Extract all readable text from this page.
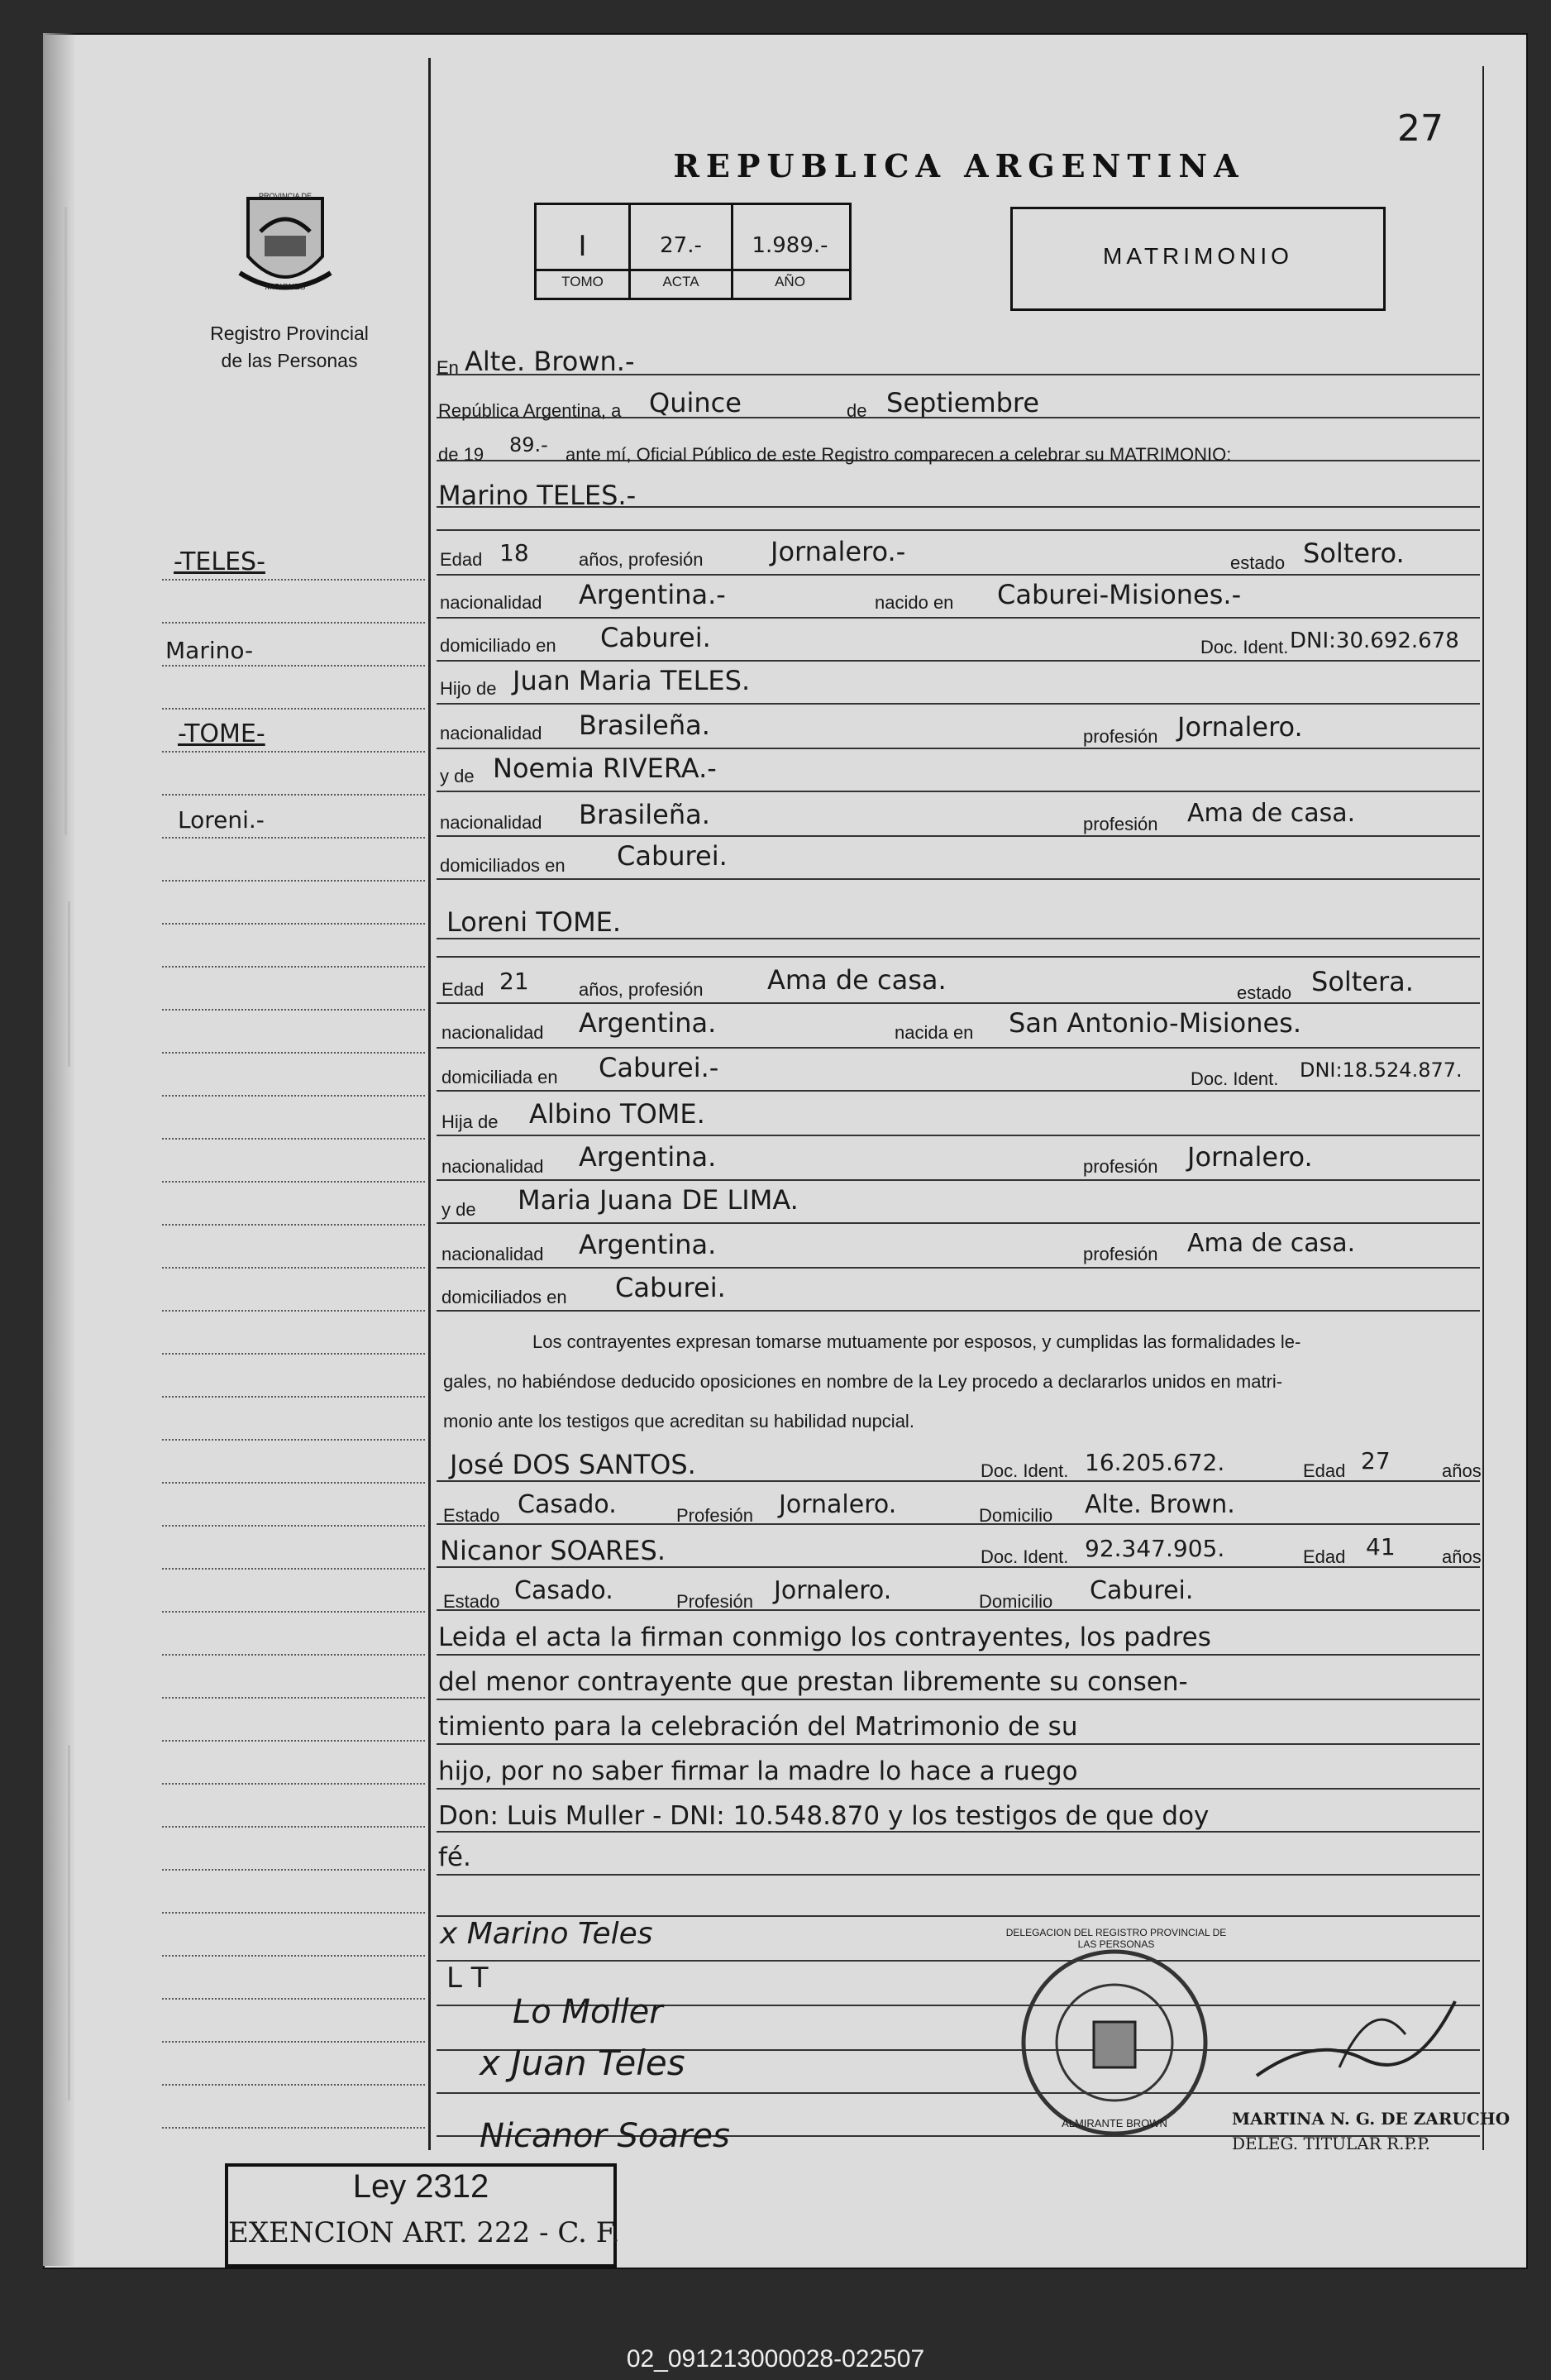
27
PROVINCIA DE
MISIONES
Registro Provincial
de las Personas
REPUBLICA ARGENTINA
I	27.-	1.989.-
TOMO	ACTA	AÑO
MATRIMONIO
-TELES-
Marino-
-TOME-
Loreni.-
En Alte. Brown.-
República Argentina, a Quince	de Septiembre
de 19 89.- ante mí, Oficial Público de este Registro comparecen a celebrar su MATRIMONIO:
Marino TELES.-
Edad 18	años, profesión	Jornalero.-	estado Soltero.
nacionalidad Argentina.-	nacido en Caburei-Misiones.-
domiciliado en Caburei.	Doc. Ident. DNI:30.692.678
Hijo de Juan Maria TELES.
nacionalidad Brasileña.	profesión Jornalero.
y de Noemia RIVERA.-
nacionalidad Brasileña.	profesión Ama de casa.
domiciliados en Caburei.
Loreni TOME.
Edad 21	años, profesión Ama de casa.	estado Soltera.
nacionalidad Argentina.	nacida en San Antonio-Misiones.
domiciliada en Caburei.-	Doc. Ident. DNI:18.524.877.
Hija de Albino TOME.
nacionalidad Argentina.	profesión Jornalero.
y de Maria Juana DE LIMA.
nacionalidad Argentina.	profesión Ama de casa.
domiciliados en Caburei.
Los contrayentes expresan tomarse mutuamente por esposos, y cumplidas las formalidades le-
gales, no habiéndose deducido oposiciones en nombre de la Ley procedo a declararlos unidos en matri-
monio ante los testigos que acreditan su habilidad nupcial.
José DOS SANTOS.	Doc. Ident. 16.205.672.	Edad 27	años
Estado Casado.	Profesión Jornalero.	Domicilio Alte. Brown.
Nicanor SOARES.	Doc. Ident. 92.347.905.	Edad 41	años
Estado Casado.	Profesión Jornalero.	Domicilio Caburei.
Leida el acta la firman conmigo los contrayentes, los padres
del menor contrayente que prestan libremente su consen-
timiento para la celebración del Matrimonio de su
hijo, por no saber firmar la madre lo hace a ruego
Don: Luis Muller - DNI: 10.548.870 y los testigos de que doy
fé.
x Marino Teles
L T
Lo Moller
x Juan Teles
Nicanor Soares
DELEGACION DEL REGISTRO PROVINCIAL DE LAS PERSONAS
ALMIRANTE BROWN	MARTINA N. G. DE ZARUCHO
DELEG. TITULAR R.P.P.
Ley 2312
EXENCION ART. 222 - C. F.
02_091213000028-022507
